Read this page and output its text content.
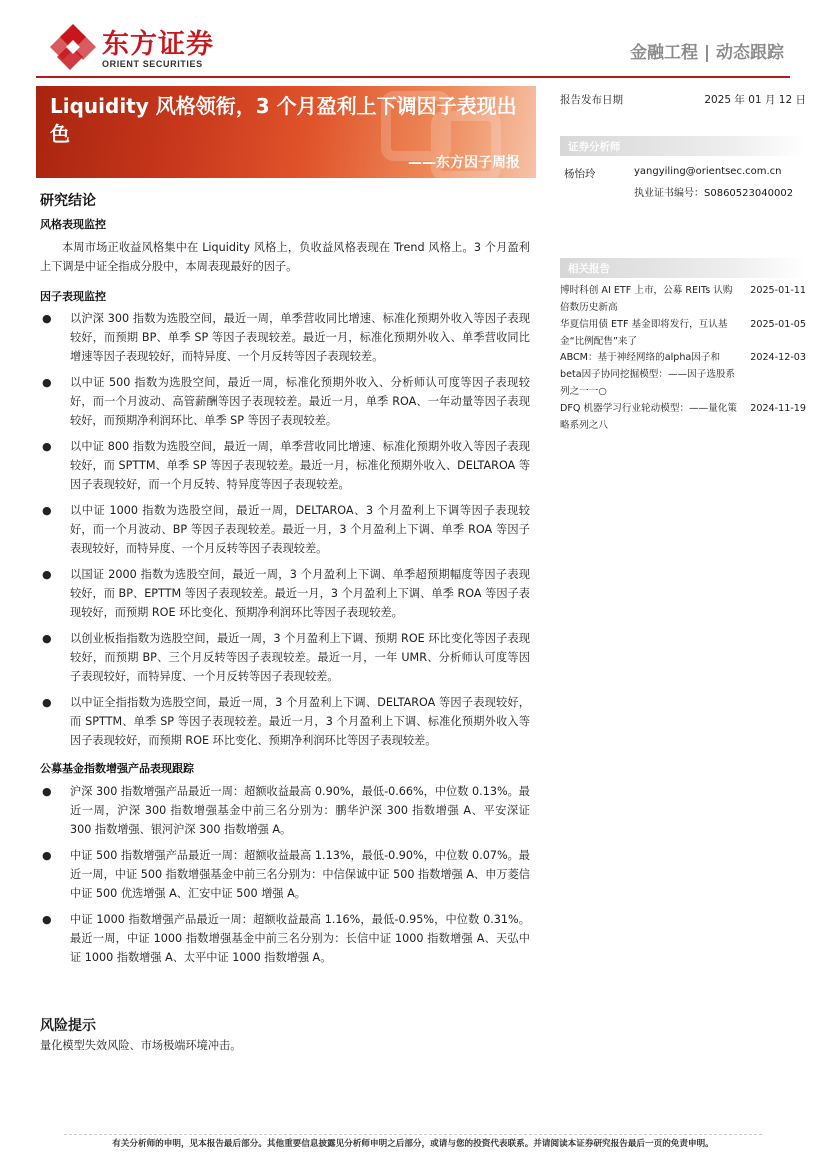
东方证券
ORIENT SECURITIES
金融工程 | 动态跟踪
Liquidity 风格领衔，3 个月盈利上下调因子表现出色
——东方因子周报
报告发布日期	2025 年 01 月 12 日
证券分析师
杨怡玲	yangyiling@orientsec.com.cn
执业证书编号：S0860523040002
相关报告
博时科创 AI ETF 上市，公募 REITs 认购倍数历史新高
2025-01-11
华夏信用债 ETF 基金即将发行，互认基金“比例配售”来了
2025-01-05
ABCM：基于神经网络的alpha因子和beta因子协同挖掘模型：——因子选股系列之一一○
2024-12-03
DFQ 机器学习行业轮动模型：——量化策略系列之八
2024-11-19
研究结论
风格表现监控
本周市场正收益风格集中在 Liquidity 风格上，负收益风格表现在 Trend 风格上。3 个月盈利上下调是中证全指成分股中，本周表现最好的因子。
因子表现监控
● 以沪深 300 指数为选股空间，最近一周，单季营收同比增速、标准化预期外收入等因子表现较好，而预期 BP、单季 SP 等因子表现较差。最近一月，标准化预期外收入、单季营收同比增速等因子表现较好，而特异度、一个月反转等因子表现较差。
● 以中证 500 指数为选股空间，最近一周，标准化预期外收入、分析师认可度等因子表现较好，而一个月波动、高管薪酬等因子表现较差。最近一月，单季 ROA、一年动量等因子表现较好，而预期净利润环比、单季 SP 等因子表现较差。
● 以中证 800 指数为选股空间，最近一周，单季营收同比增速、标准化预期外收入等因子表现较好，而 SPTTM、单季 SP 等因子表现较差。最近一月，标准化预期外收入、DELTAROA 等因子表现较好，而一个月反转、特异度等因子表现较差。
● 以中证 1000 指数为选股空间，最近一周，DELTAROA、3 个月盈利上下调等因子表现较好，而一个月波动、BP 等因子表现较差。最近一月，3 个月盈利上下调、单季 ROA 等因子表现较好，而特异度、一个月反转等因子表现较差。
● 以国证 2000 指数为选股空间，最近一周，3 个月盈利上下调、单季超预期幅度等因子表现较好，而 BP、EPTTM 等因子表现较差。最近一月，3 个月盈利上下调、单季 ROA 等因子表现较好，而预期 ROE 环比变化、预期净利润环比等因子表现较差。
● 以创业板指指数为选股空间，最近一周，3 个月盈利上下调、预期 ROE 环比变化等因子表现较好，而预期 BP、三个月反转等因子表现较差。最近一月，一年 UMR、分析师认可度等因子表现较好，而特异度、一个月反转等因子表现较差。
● 以中证全指指数为选股空间，最近一周，3 个月盈利上下调、DELTAROA 等因子表现较好，而 SPTTM、单季 SP 等因子表现较差。最近一月，3 个月盈利上下调、标准化预期外收入等因子表现较好，而预期 ROE 环比变化、预期净利润环比等因子表现较差。
公募基金指数增强产品表现跟踪
● 沪深 300 指数增强产品最近一周：超额收益最高 0.90%，最低-0.66%，中位数 0.13%。最近一周，沪深 300 指数增强基金中前三名分别为：鹏华沪深 300 指数增强 A、平安深证 300 指数增强、银河沪深 300 指数增强 A。
● 中证 500 指数增强产品最近一周：超额收益最高 1.13%，最低-0.90%，中位数 0.07%。最近一周，中证 500 指数增强基金中前三名分别为：中信保诚中证 500 指数增强 A、申万菱信中证 500 优选增强 A、汇安中证 500 增强 A。
● 中证 1000 指数增强产品最近一周：超额收益最高 1.16%，最低-0.95%，中位数 0.31%。最近一周，中证 1000 指数增强基金中前三名分别为：长信中证 1000 指数增强 A、天弘中证 1000 指数增强 A、太平中证 1000 指数增强 A。
风险提示
量化模型失效风险、市场极端环境冲击。
有关分析师的申明，见本报告最后部分。其他重要信息披露见分析师申明之后部分，或请与您的投资代表联系。并请阅读本证券研究报告最后一页的免责申明。
